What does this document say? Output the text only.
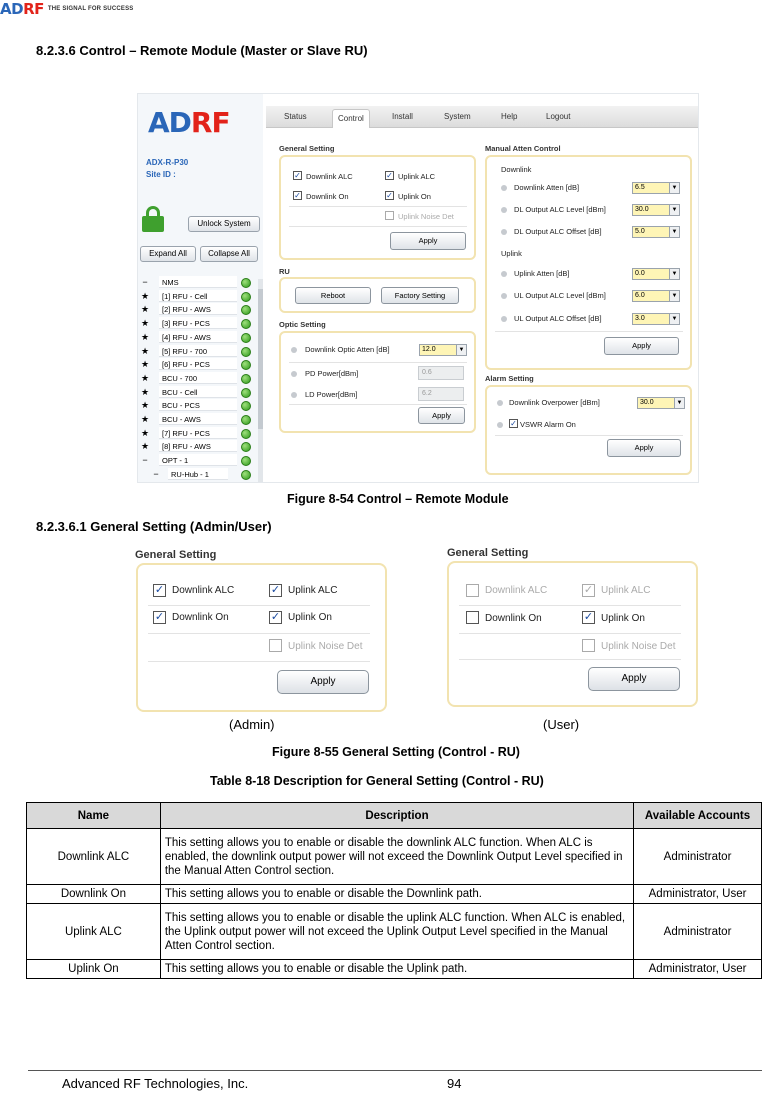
ADRF THE SIGNAL FOR SUCCESS
8.2.3.6 Control – Remote Module (Master or Slave RU)
ADRF
ADX-R-P30
Site ID :
Unlock System
Expand All	Collapse All
−	NMS
★	[1] RFU - Cell
★	[2] RFU - AWS
★	[3] RFU - PCS
★	[4] RFU - AWS
★	[5] RFU - 700
★	[6] RFU - PCS
★	BCU - 700
★	BCU - Cell
★	BCU - PCS
★	BCU - AWS
★	[7] RFU - PCS
★	[8] RFU - AWS
−	OPT - 1
−	RU-Hub - 1
Status	Control	Install	System	Help	Logout
General Setting
✓ Downlink ALC	✓ Uplink ALC
✓ Downlink On	✓ Uplink On
Uplink Noise Det
Apply
RU
Reboot	Factory Setting
Optic Setting
Downlink Optic Atten [dB]	12.0	▼
PD Power[dBm]	0.6
LD Power[dBm]	6.2
Apply
Manual Atten Control
Downlink
Downlink Atten [dB]	6.5	▼
DL Output ALC Level [dBm]	30.0	▼
DL Output ALC Offset [dB]	5.0	▼
Uplink
Uplink Atten [dB]	0.0	▼
UL Output ALC Level [dBm]	6.0	▼
UL Output ALC Offset [dB]	3.0	▼
Apply
Alarm Setting
Downlink Overpower [dBm]	30.0	▼
✓ VSWR Alarm On
Apply
Figure 8-54 Control – Remote Module
8.2.3.6.1 General Setting (Admin/User)
General Setting
✓ Downlink ALC	✓ Uplink ALC
✓ Downlink On	✓ Uplink On
Uplink Noise Det
Apply
General Setting
Downlink ALC	✓ Uplink ALC
Downlink On	✓ Uplink On
Uplink Noise Det
Apply
(Admin)	(User)
Figure 8-55 General Setting (Control - RU)
Table 8-18 Description for General Setting (Control - RU)
Name	Description	Available Accounts
Downlink ALC	This setting allows you to enable or disable the downlink ALC function. When ALC is enabled, the downlink output power will not exceed the Downlink Output Level specified in the Manual Atten Control section.	Administrator
Downlink On	This setting allows you to enable or disable the Downlink path.	Administrator, User
Uplink ALC	This setting allows you to enable or disable the uplink ALC function. When ALC is enabled, the Uplink output power will not exceed the Uplink Output Level specified in the Manual Atten Control section.	Administrator
Uplink On	This setting allows you to enable or disable the Uplink path.	Administrator, User
Advanced RF Technologies, Inc.	94
